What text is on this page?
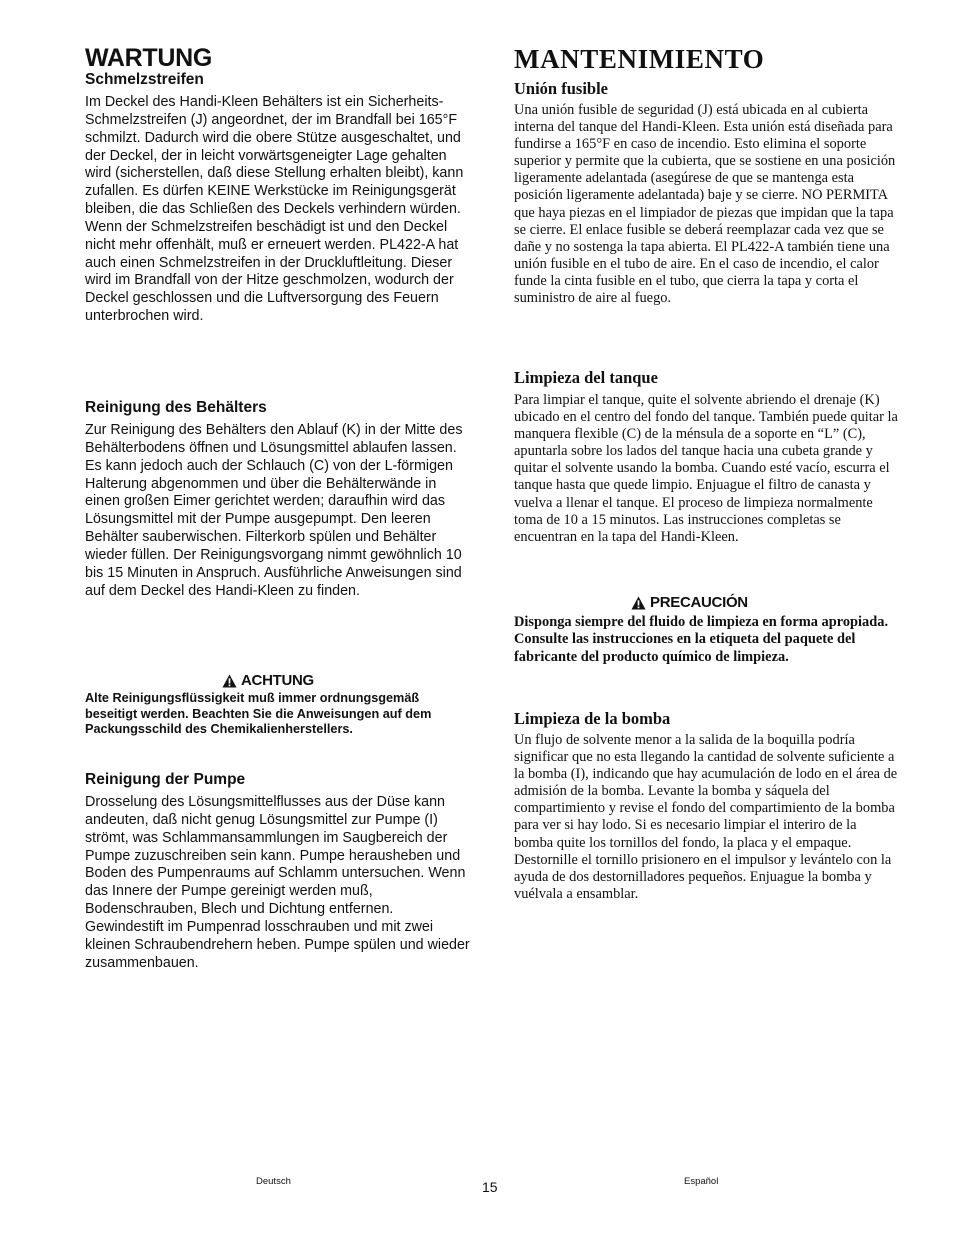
WARTUNG
Schmelzstreifen

Im Deckel des Handi-Kleen Behälters ist ein Sicherheits-Schmelzstreifen (J) angeordnet, der im Brandfall bei 165°F schmilzt. Dadurch wird die obere Stütze ausgeschaltet, und der Deckel, der in leicht vorwärtsgeneigter Lage gehalten wird (sicherstellen, daß diese Stellung erhalten bleibt), kann zufallen. Es dürfen KEINE Werkstücke im Reinigungsgerät bleiben, die das Schließen des Deckels verhindern würden. Wenn der Schmelzstreifen beschädigt ist und den Deckel nicht mehr offenhält, muß er erneuert werden. PL422-A hat auch einen Schmelzstreifen in der Druckluftleitung. Dieser wird im Brandfall von der Hitze geschmolzen, wodurch der Deckel geschlossen und die Luftversorgung des Feuern unterbrochen wird.

Reinigung des Behälters

Zur Reinigung des Behälters den Ablauf (K) in der Mitte des Behälterbodens öffnen und Lösungsmittel ablaufen lassen. Es kann jedoch auch der Schlauch (C) von der L-förmigen Halterung abgenommen und über die Behälterwände in einen großen Eimer gerichtet werden; daraufhin wird das Lösungsmittel mit der Pumpe ausgepumpt. Den leeren Behälter sauberwischen. Filterkorb spülen und Behälter wieder füllen. Der Reinigungsvorgang nimmt gewöhnlich 10 bis 15 Minuten in Anspruch. Ausführliche Anweisungen sind auf dem Deckel des Handi-Kleen zu finden.

ACHTUNG

Alte Reinigungsflüssigkeit muß immer ordnungsgemäß beseitigt werden. Beachten Sie die Anweisungen auf dem Packungsschild des Chemikalienherstellers.

Reinigung der Pumpe

Drosselung des Lösungsmittelflusses aus der Düse kann andeuten, daß nicht genug Lösungsmittel zur Pumpe (I) strömt, was Schlammansammlungen im Saugbereich der Pumpe zuzuschreiben sein kann. Pumpe herausheben und Boden des Pumpenraums auf Schlamm untersuchen. Wenn das Innere der Pumpe gereinigt werden muß, Bodenschrauben, Blech und Dichtung entfernen. Gewindestift im Pumpenrad losschrauben und mit zwei kleinen Schraubendrehern heben. Pumpe spülen und wieder zusammenbauen.

MANTENIMIENTO
Unión fusible

Una unión fusible de seguridad (J) está ubicada en al cubierta interna del tanque del Handi-Kleen. Esta unión está diseñada para fundirse a 165°F en caso de incendio. Esto elimina el soporte superior y permite que la cubierta, que se sostiene en una posición ligeramente adelantada (asegúrese de que se mantenga esta posición ligeramente adelantada) baje y se cierre. NO PERMITA que haya piezas en el limpiador de piezas que impidan que la tapa se cierre. El enlace fusible se deberá reemplazar cada vez que se dañe y no sostenga la tapa abierta. El PL422-A también tiene una unión fusible en el tubo de aire. En el caso de incendio, el calor funde la cinta fusible en el tubo, que cierra la tapa y corta el suministro de aire al fuego.

Limpieza del tanque

Para limpiar el tanque, quite el solvente abriendo el drenaje (K) ubicado en el centro del fondo del tanque. También puede quitar la manquera flexible (C) de la ménsula de a soporte en “L” (C), apuntarla sobre los lados del tanque hacia una cubeta grande y quitar el solvente usando la bomba. Cuando esté vacío, escurra el tanque hasta que quede limpio. Enjuague el filtro de canasta y vuelva a llenar el tanque. El proceso de limpieza normalmente toma de 10 a 15 minutos. Las instrucciones completas se encuentran en la tapa del Handi-Kleen.

PRECAUCIÓN

Disponga siempre del fluido de limpieza en forma apropiada. Consulte las instrucciones en la etiqueta del paquete del fabricante del producto químico de limpieza.

Limpieza de la bomba

Un flujo de solvente menor a la salida de la boquilla podría significar que no esta llegando la cantidad de solvente suficiente a la bomba (I), indicando que hay acumulación de lodo en el área de admisión de la bomba. Levante la bomba y sáquela del compartimiento y revise el fondo del compartimiento de la bomba para ver si hay lodo. Si es necesario limpiar el interiro de la bomba quite los tornillos del fondo, la placa y el empaque. Destornille el tornillo prisionero en el impulsor y levántelo con la ayuda de dos destornilladores pequeños. Enjuague la bomba y vuélvala a ensamblar.

Deutsch	15	Español
